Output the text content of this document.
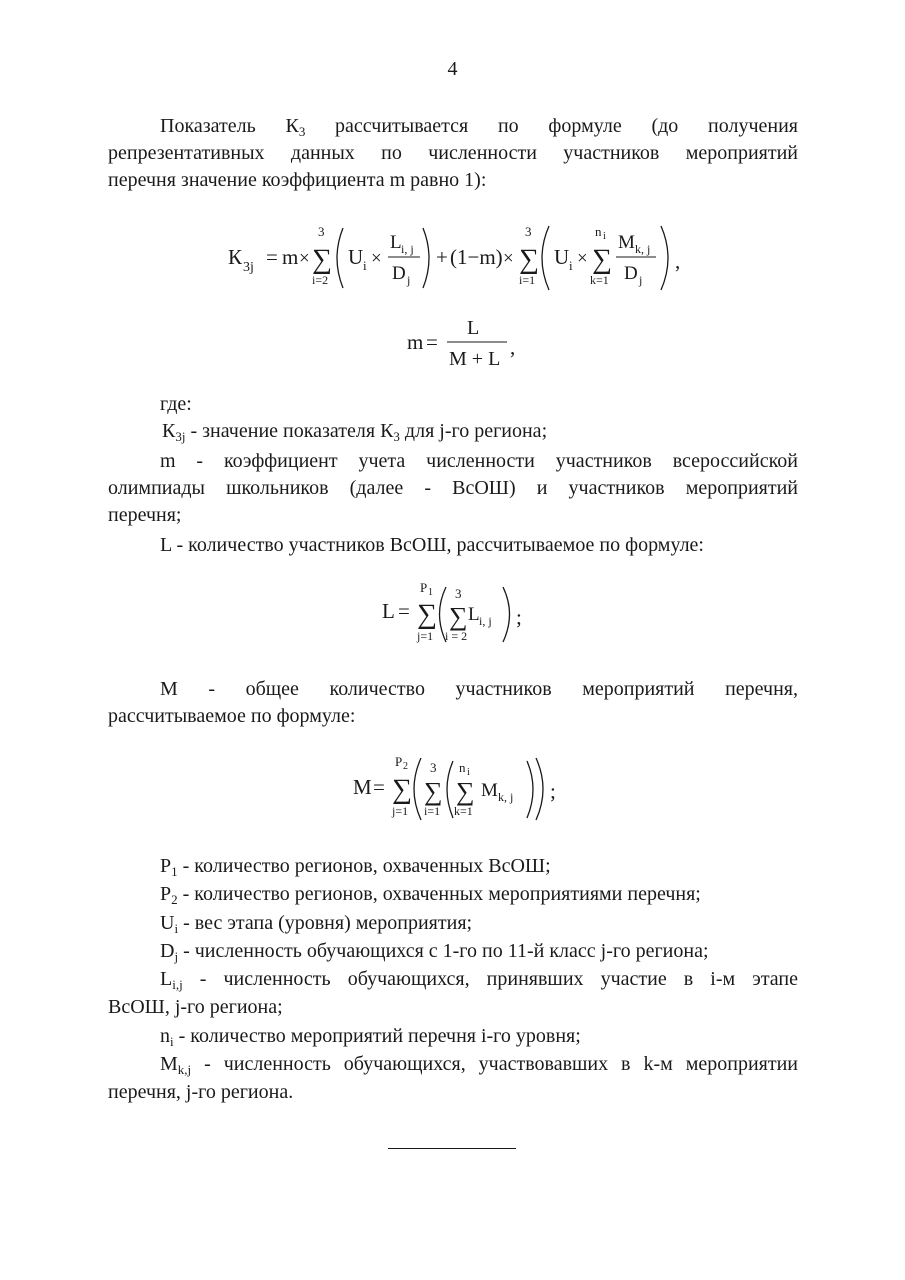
4
Показатель $К_3$ рассчитывается по формуле (до получения
репрезентативных данных по численности участников мероприятий
перечня значение коэффициента m равно 1):
К 3j = m ×
3
∑
i=2
U i ×
L i, j
D j
+ (1−m) ×
3
∑
i=1
U i ×
n i
∑
k=1
M k, j
D j
,
m =
L
M + L ,
где:
$К_{3j}$ - значение показателя $К_3$ для j-го региона;
m - коэффициент учета численности участников всероссийской
олимпиады школьников (далее - ВсОШ) и участников мероприятий
перечня;
L - количество участников ВсОШ, рассчитываемое по формуле:
L =
P 1
∑
j=1
3
∑
i = 2
L i, j ;
М - общее количество участников мероприятий перечня,
рассчитываемое по формуле:
M =
P 2
∑
j=1
3
∑
i=1
n i
∑
k=1
M k, j ;
$P_1$ - количество регионов, охваченных ВсОШ;
$P_2$ - количество регионов, охваченных мероприятиями перечня;
$U_i$ - вес этапа (уровня) мероприятия;
$D_j$ - численность обучающихся с 1-го по 11-й класс j-го региона;
$L_{i,j}$ - численность обучающихся, принявших участие в i-м этапе
ВсОШ, j-го региона;
$n_i$ - количество мероприятий перечня i-го уровня;
$M_{k,j}$ - численность обучающихся, участвовавших в k-м мероприятии
перечня, j-го региона.
